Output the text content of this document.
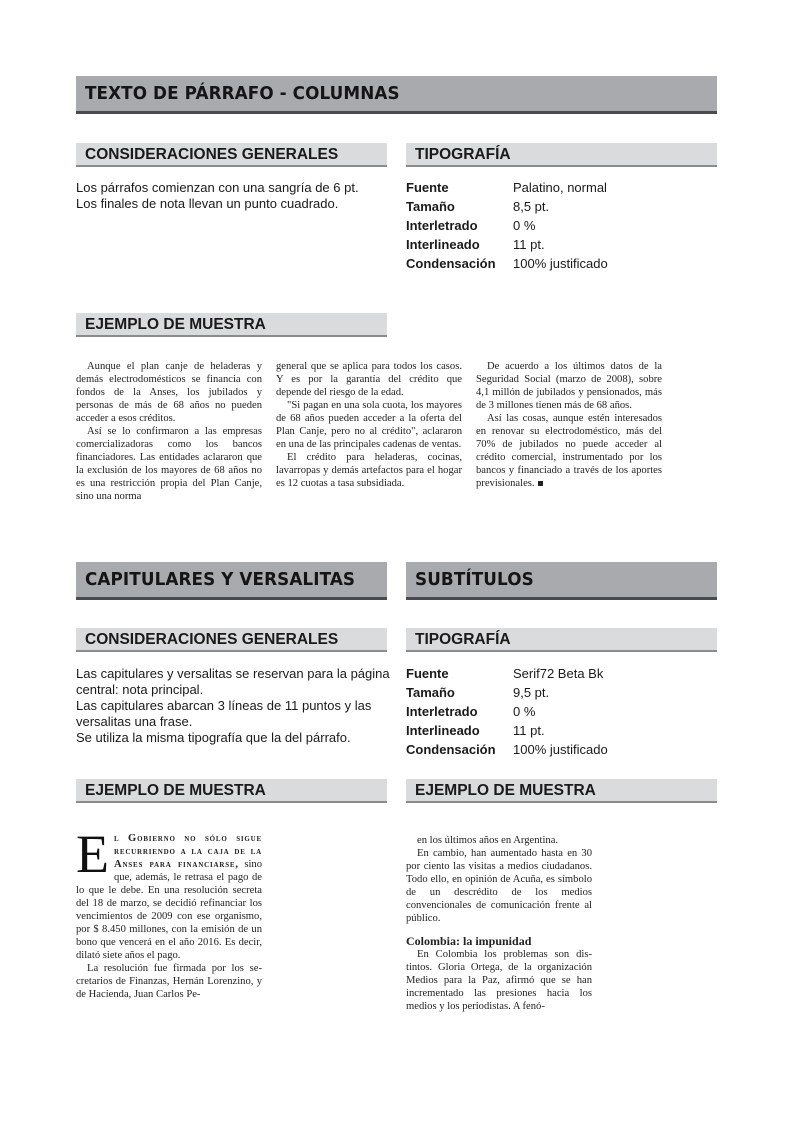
TEXTO DE PÁRRAFO - COLUMNAS
CONSIDERACIONES GENERALES
Los párrafos comienzan con una sangría de 6 pt.
Los finales de nota llevan un punto cuadrado.
TIPOGRAFÍA
Fuente	Palatino, normal
Tamaño	8,5 pt.
Interletrado	0 %
Interlineado	11 pt.
Condensación	100% justificado
EJEMPLO DE MUESTRA

Aunque el plan canje de heladeras y demás electrodomésticos se financia con fondos de la Anses, los jubilados y personas de más de 68 años no pueden acceder a esos créditos.

Así se lo confirmaron a las empresas comercializadoras como los bancos financiadores. Las entidades aclararon que la exclusión de los mayores de 68 años no es una restricción propia del Plan Canje, sino una norma

general que se aplica para todos los casos. Y es por la garantía del crédito que depende del riesgo de la edad.

"Si pagan en una sola cuota, los mayores de 68 años pueden acceder a la oferta del Plan Canje, pero no al crédito", aclararon en una de las principales cadenas de ventas.

El crédito para heladeras, cocinas, lavarropas y demás artefactos para el hogar es 12 cuotas a tasa subsidiada.

De acuerdo a los últimos datos de la Seguridad Social (marzo de 2008), sobre 4,1 millón de jubilados y pensionados, más de 3 millones tienen más de 68 años.

Así las cosas, aunque estén interesados en renovar su electrodoméstico, más del 70% de jubilados no puede acceder al crédito comercial, instrumentado por los bancos y financiado a través de los aportes previsionales.

CAPITULARES Y VERSALITAS	SUBTÍTULOS
CONSIDERACIONES GENERALES
Las capitulares y versalitas se reservan para la página central: nota principal.
Las capitulares abarcan 3 líneas de 11 puntos y las versalitas una frase.
Se utiliza la misma tipografía que la del párrafo.
TIPOGRAFÍA
Fuente	Serif72 Beta Bk
Tamaño	9,5 pt.
Interletrado	0 %
Interlineado	11 pt.
Condensación	100% justificado
EJEMPLO DE MUESTRA	EJEMPLO DE MUESTRA

El Gobierno no sólo sigue recurriendo a la caja de la Anses para financiarse, sino que, además, le retrasa el pago de lo que le debe. En una resolución secreta del 18 de marzo, se decidió refinanciar los vencimientos de 2009 con ese organismo, por $ 8.450 millones, con la emisión de un bono que vencerá en el año 2016. Es decir, dilató siete años el pago.

La resolución fue firmada por los secretarios de Finanzas, Hernán Lorenzino, y de Hacienda, Juan Carlos Pe-

en los últimos años en Argentina.

En cambio, han aumentado hasta en 30 por ciento las visitas a medios ciudadanos. Todo ello, en opinión de Acuña, es símbolo de un descrédito de los medios convencionales de comunicación frente al público.

Colombia: la impunidad

En Colombia los problemas son distintos. Gloria Ortega, de la organización Medios para la Paz, afirmó que se han incrementado las presiones hacia los medios y los periodistas. A fenó-
